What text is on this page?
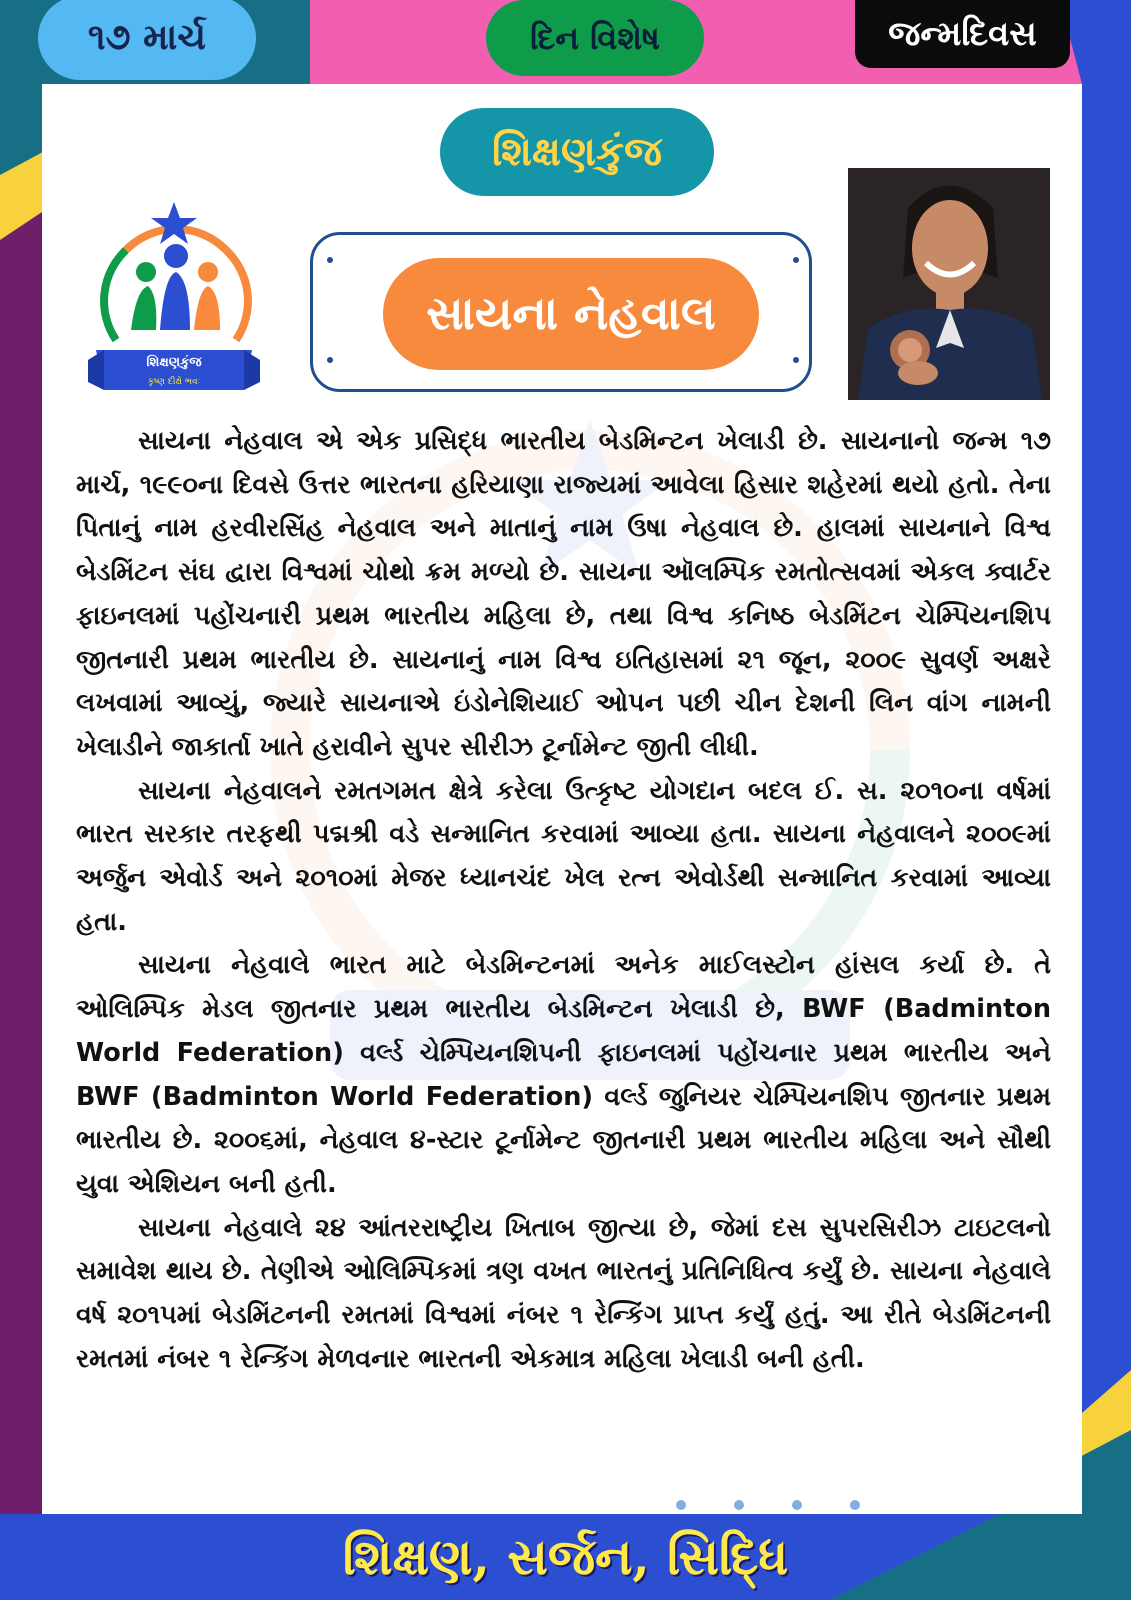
૧૭ માર્ચ	દિન વિશેષ	જન્મદિવસ
શિક્ષણકુંજ
શિક્ષણકુંજ
કૃષ્ણ દીક્ષે ભવઃ
સાયના નેહવાલ

સાયના નેહવાલ એ એક પ્રસિદ્ધ ભારતીય બેડમિન્ટન ખેલાડી છે. સાયનાનો જન્મ ૧૭ માર્ચ, ૧૯૯૦ના દિવસે ઉત્તર ભારતના હરિયાણા રાજ્યમાં આવેલા હિસાર શહેરમાં થયો હતો. તેના પિતાનું નામ હરવીરસિંહ નેહવાલ અને માતાનું નામ ઉષા નેહવાલ છે. હાલમાં સાયનાને વિશ્વ બેડમિંટન સંઘ દ્વારા વિશ્વમાં ચોથો ક્રમ મળ્યો છે. સાયના ઑલમ્પિક રમતોત્સવમાં એકલ ક્વાર્ટર ફાઇનલમાં પહોંચનારી પ્રથમ ભારતીય મહિલા છે, તથા વિશ્વ કનિષ્ઠ બેડમિંટન ચેમ્પિયનશિપ જીતનારી પ્રથમ ભારતીય છે. સાયનાનું નામ વિશ્વ ઇતિહાસમાં ૨૧ જૂન, ૨૦૦૯ સુવર્ણ અક્ષરે લખવામાં આવ્યું, જ્યારે સાયનાએ ઇંડોનેશિયાઈ ઓપન પછી ચીન દેશની લિન વાંગ નામની ખેલાડીને જાકાર્તા ખાતે હરાવીને સુપર સીરીઝ ટૂર્નામેન્ટ જીતી લીધી.

સાયના નેહવાલને રમતગમત ક્ષેત્રે કરેલા ઉત્કૃષ્ટ યોગદાન બદલ ઈ. સ. ૨૦૧૦ના વર્ષમાં ભારત સરકાર તરફથી પદ્મશ્રી વડે સન્માનિત કરવામાં આવ્યા હતા. સાયના નેહવાલને ૨૦૦૯માં અર્જુન એવોર્ડ અને ૨૦૧૦માં મેજર ધ્યાનચંદ ખેલ રત્ન એવોર્ડથી સન્માનિત કરવામાં આવ્યા હતા.

સાયના નેહવાલે ભારત માટે બેડમિન્ટનમાં અનેક માઈલસ્ટોન હાંસલ કર્યા છે. તે ઓલિમ્પિક મેડલ જીતનાર પ્રથમ ભારતીય બેડમિન્ટન ખેલાડી છે, BWF (Badminton World Federation) વર્લ્ડ ચેમ્પિયનશિપની ફાઇનલમાં પહોંચનાર પ્રથમ ભારતીય અને BWF (Badminton World Federation) વર્લ્ડ જુનિયર ચેમ્પિયનશિપ જીતનાર પ્રથમ ભારતીય છે. ૨૦૦૬માં, નેહવાલ ૪-સ્ટાર ટૂર્નામેન્ટ જીતનારી પ્રથમ ભારતીય મહિલા અને સૌથી યુવા એશિયન બની હતી.

સાયના નેહવાલે ૨૪ આંતરરાષ્ટ્રીય ખિતાબ જીત્યા છે, જેમાં દસ સુપરસિરીઝ ટાઇટલનો સમાવેશ થાય છે. તેણીએ ઓલિમ્પિકમાં ત્રણ વખત ભારતનું પ્રતિનિધિત્વ કર્યું છે. સાયના નેહવાલે વર્ષ ૨૦૧૫માં બેડમિંટનની રમતમાં વિશ્વમાં નંબર ૧ રેન્કિંગ પ્રાપ્ત કર્યું હતું. આ રીતે બેડમિંટનની રમતમાં નંબર ૧ રેન્કિંગ મેળવનાર ભારતની એકમાત્ર મહિલા ખેલાડી બની હતી.

શિક્ષણ, સર્જન, સિદ્ધિ
